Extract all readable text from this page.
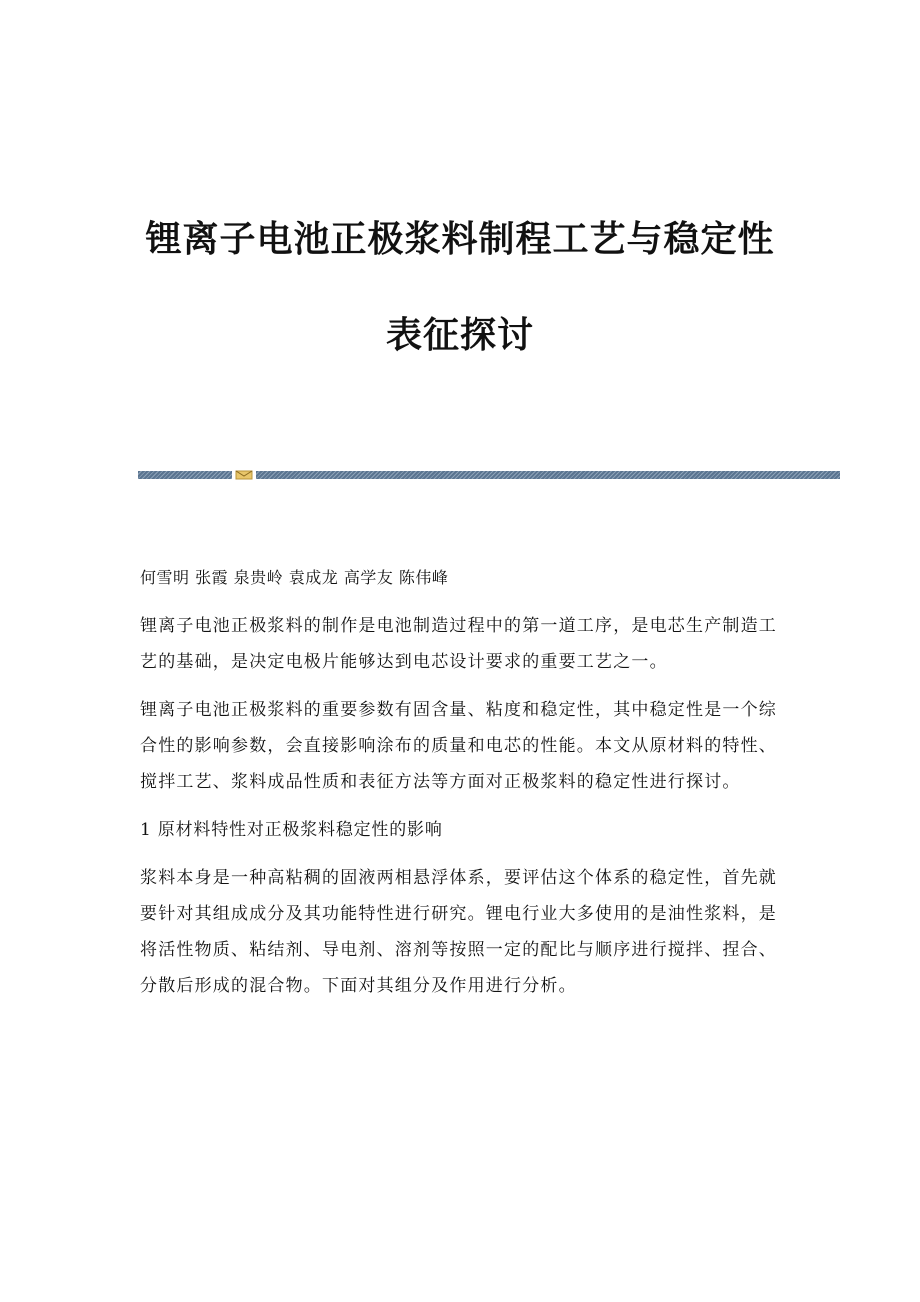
锂离子电池正极浆料制程工艺与稳定性
表征探讨

何雪明 张霞 泉贵岭 袁成龙 高学友 陈伟峰

锂离子电池正极浆料的制作是电池制造过程中的第一道工序，是电芯生产制造工艺的基础，是决定电极片能够达到电芯设计要求的重要工艺之一。

锂离子电池正极浆料的重要参数有固含量、粘度和稳定性，其中稳定性是一个综合性的影响参数，会直接影响涂布的质量和电芯的性能。本文从原材料的特性、搅拌工艺、浆料成品性质和表征方法等方面对正极浆料的稳定性进行探讨。

1 原材料特性对正极浆料稳定性的影响

浆料本身是一种高粘稠的固液两相悬浮体系，要评估这个体系的稳定性，首先就要针对其组成成分及其功能特性进行研究。锂电行业大多使用的是油性浆料，是将活性物质、粘结剂、导电剂、溶剂等按照一定的配比与顺序进行搅拌、捏合、分散后形成的混合物。下面对其组分及作用进行分析。
